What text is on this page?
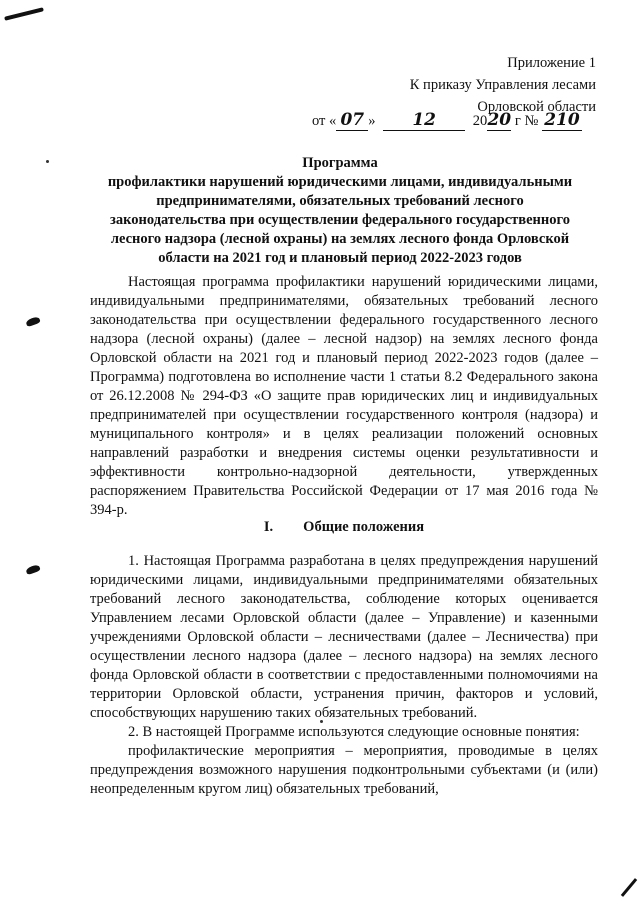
Приложение 1
К приказу Управления лесами
Орловской области
от « 07 » 12	2020 г № 210
Программа
профилактики нарушений юридическими лицами, индивидуальными
предпринимателями, обязательных требований лесного
законодательства при осуществлении федерального государственного
лесного надзора (лесной охраны) на землях лесного фонда Орловской
области на 2021 год и плановый период 2022-2023 годов

Настоящая программа профилактики нарушений юридическими лицами, индивидуальными предпринимателями, обязательных требований лесного законодательства при осуществлении федерального государственного лесного надзора (лесной охраны) (далее – лесной надзор) на землях лесного фонда Орловской области на 2021 год и плановый период 2022-2023 годов (далее – Программа) подготовлена во исполнение части 1 статьи 8.2 Федерального закона от 26.12.2008 № 294-ФЗ «О защите прав юридических лиц и индивидуальных предпринимателей при осуществлении государственного контроля (надзора) и муниципального контроля» и в целях реализации положений основных направлений разработки и внедрения системы оценки результативности и эффективности контрольно-надзорной деятельности, утвержденных распоряжением Правительства Российской Федерации от 17 мая 2016 года № 394-р.

I. Общие положения

1. Настоящая Программа разработана в целях предупреждения нарушений юридическими лицами, индивидуальными предпринимателями обязательных требований лесного законодательства, соблюдение которых оценивается Управлением лесами Орловской области (далее – Управление) и казенными учреждениями Орловской области – лесничествами (далее – Лесничества) при осуществлении лесного надзора (далее – лесного надзора) на землях лесного фонда Орловской области в соответствии с предоставленными полномочиями на территории Орловской области, устранения причин, факторов и условий, способствующих нарушению таких обязательных требований.

2. В настоящей Программе используются следующие основные понятия:

профилактические мероприятия – мероприятия, проводимые в целях предупреждения возможного нарушения подконтрольными субъектами (и (или) неопределенным кругом лиц) обязательных требований,
